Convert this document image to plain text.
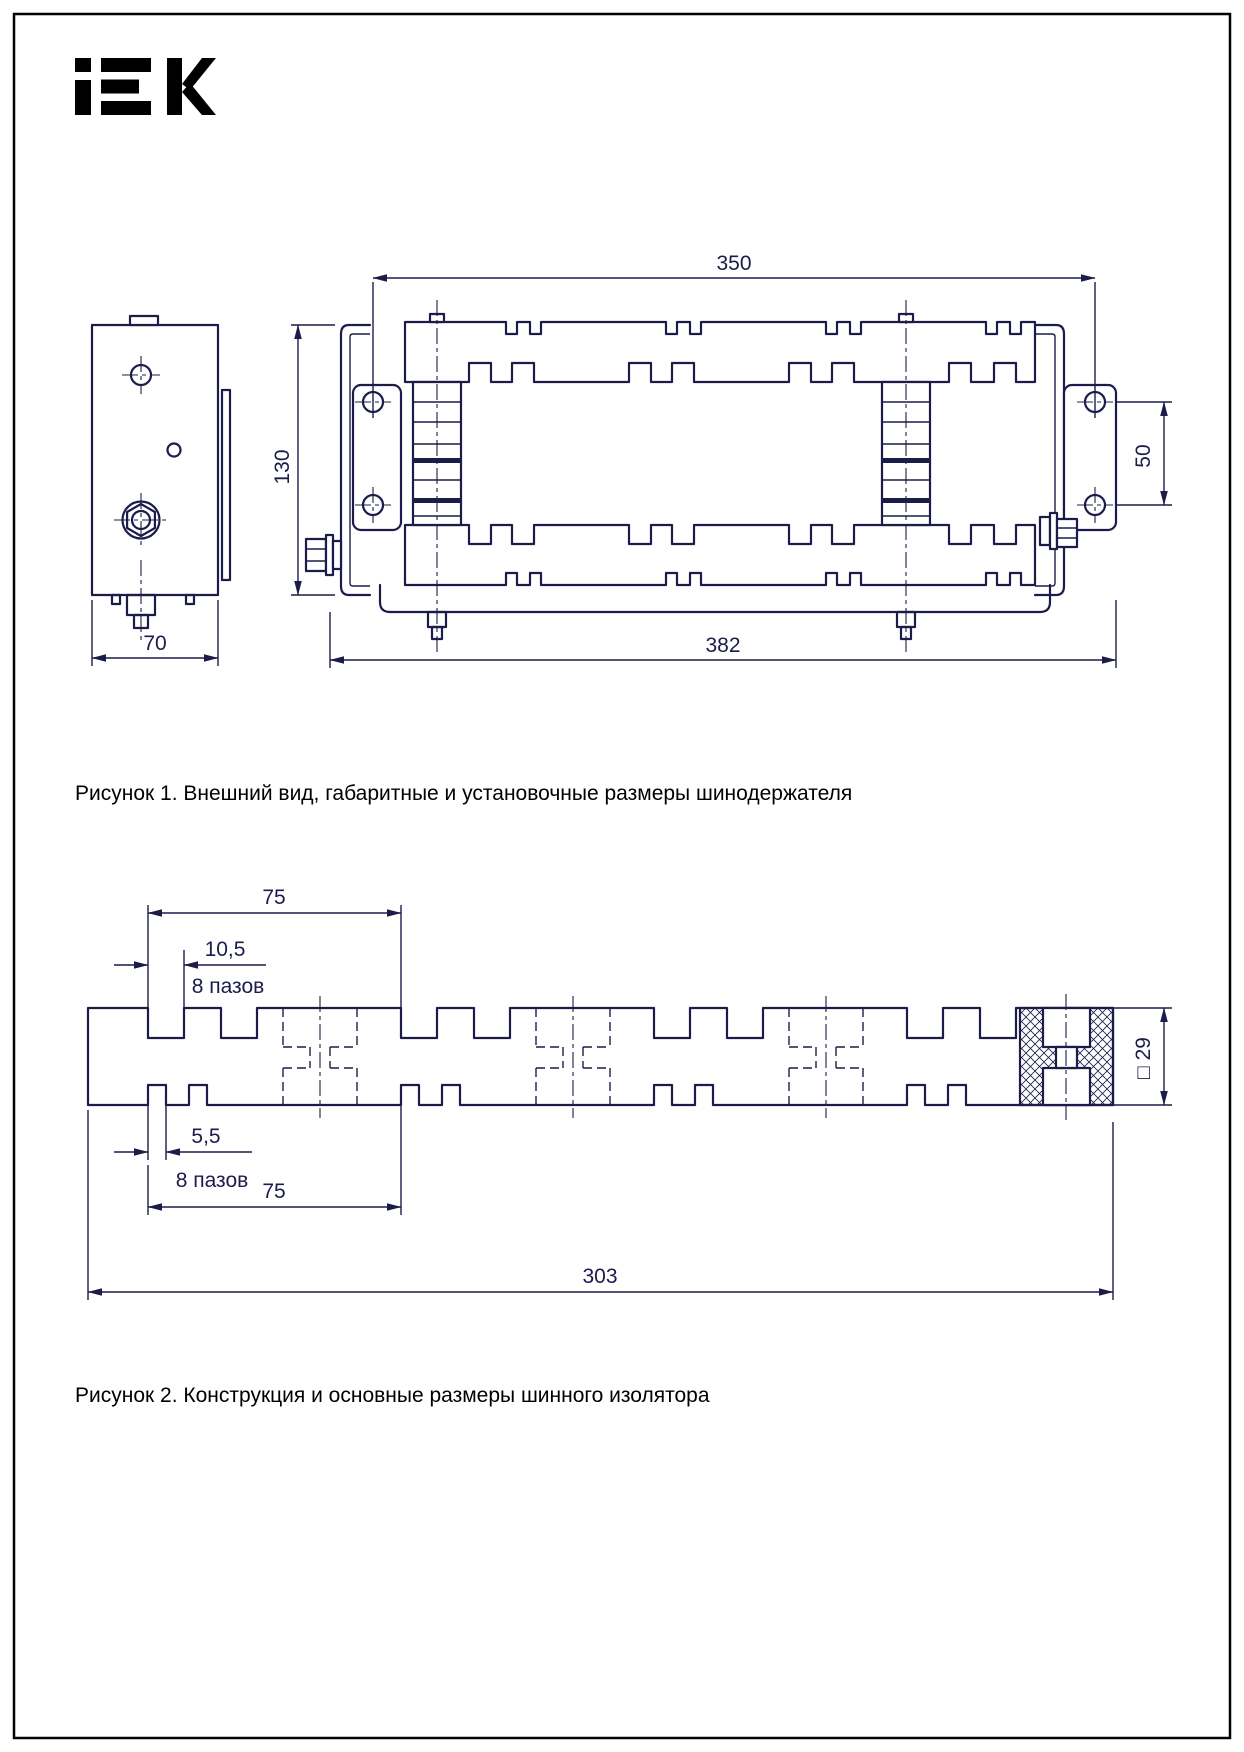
350
130	50
70	382
Рисунок 1. Внешний вид, габаритные и установочные размеры шинодержателя
75
10,5
8 пазов
5,5
8 пазов 75
303
□ 29
Рисунок 2. Конструкция и основные размеры шинного изолятора
